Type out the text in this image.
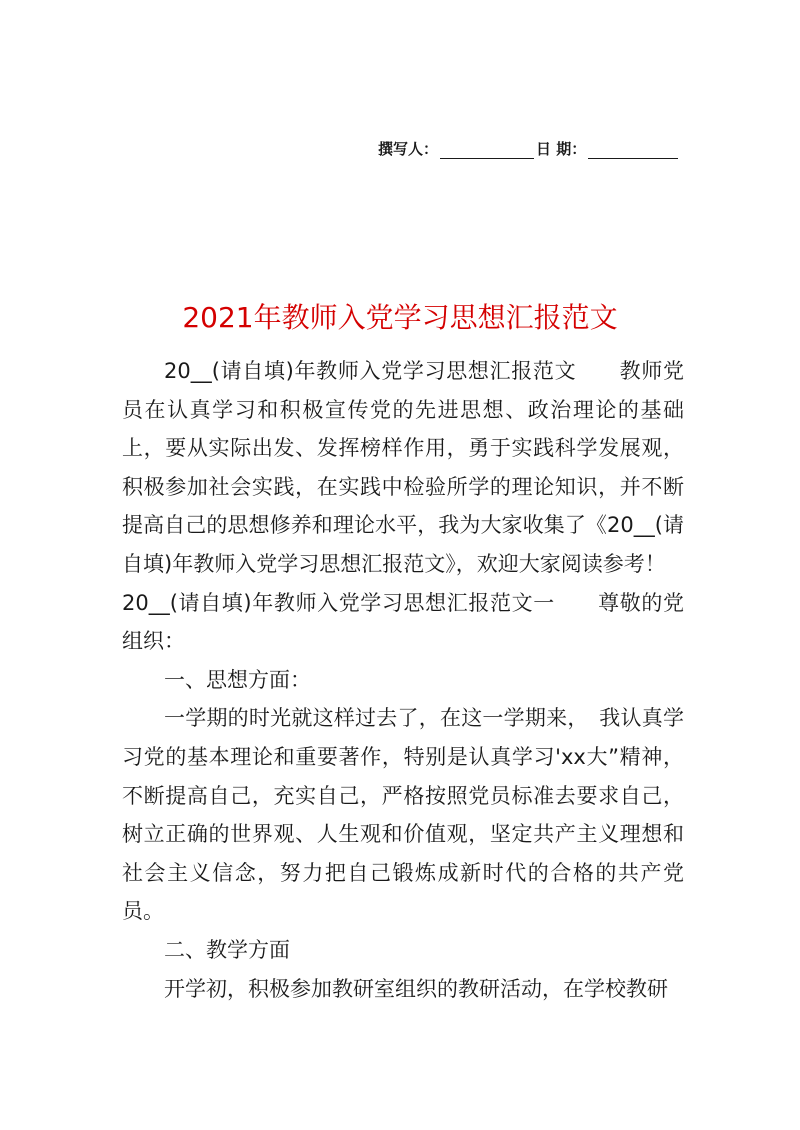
撰写人：	日 期：
2021年教师入党学习思想汇报范文

20__(请自填)年教师入党学习思想汇报范文　　教师党员在认真学习和积极宣传党的先进思想、政治理论的基础上，要从实际出发、发挥榜样作用，勇于实践科学发展观，积极参加社会实践，在实践中检验所学的理论知识，并不断提高自己的思想修养和理论水平，我为大家收集了《20__(请自填)年教师入党学习思想汇报范文》，欢迎大家阅读参考！

20__(请自填)年教师入党学习思想汇报范文一　　尊敬的党组织：

一、思想方面：

一学期的时光就这样过去了，在这一学期来，　我认真学习党的基本理论和重要著作，特别是认真学习'xx大”精神，不断提高自己，充实自己，严格按照党员标准去要求自己，树立正确的世界观、人生观和价值观，坚定共产主义理想和社会主义信念，努力把自己锻炼成新时代的合格的共产党员。

二、教学方面

开学初，积极参加教研室组织的教研活动，在学校教研
